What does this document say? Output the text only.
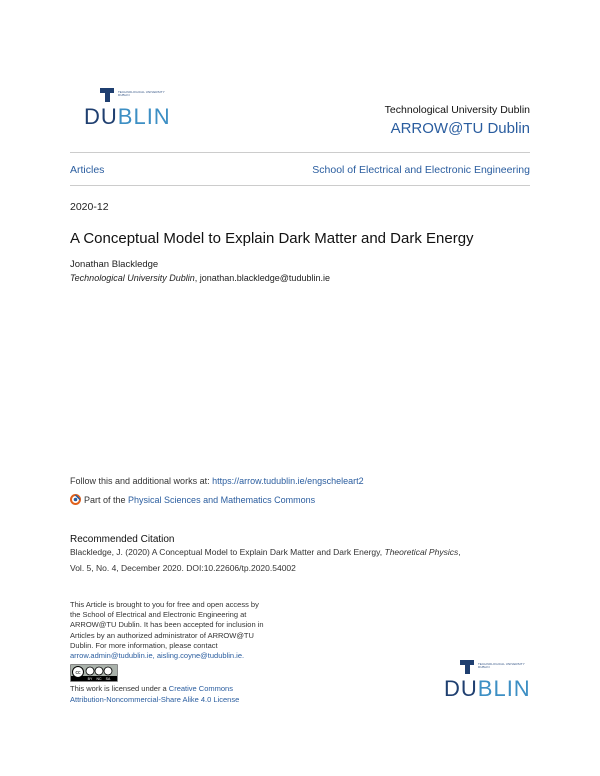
TECHNOLOGICAL UNIVERSITY
DUBLIN
DUBLIN	Technological University Dublin
ARROW@TU Dublin
Articles	School of Electrical and Electronic Engineering
2020-12
A Conceptual Model to Explain Dark Matter and Dark Energy
Jonathan Blackledge
Technological University Dublin, jonathan.blackledge@tudublin.ie
Follow this and additional works at: https://arrow.tudublin.ie/engscheleart2
Part of the Physical Sciences and Mathematics Commons
Recommended Citation
Blackledge, J. (2020) A Conceptual Model to Explain Dark Matter and Dark Energy, Theoretical Physics,
Vol. 5, No. 4, December 2020. DOI:10.22606/tp.2020.54002
This Article is brought to you for free and open access by
the School of Electrical and Electronic Engineering at
ARROW@TU Dublin. It has been accepted for inclusion in
Articles by an authorized administrator of ARROW@TU
Dublin. For more information, please contact
arrow.admin@tudublin.ie, aisling.coyne@tudublin.ie.
cc
BY NC SA
This work is licensed under a Creative Commons
Attribution-Noncommercial-Share Alike 4.0 License
TECHNOLOGICAL UNIVERSITY
DUBLIN
DUBLIN
